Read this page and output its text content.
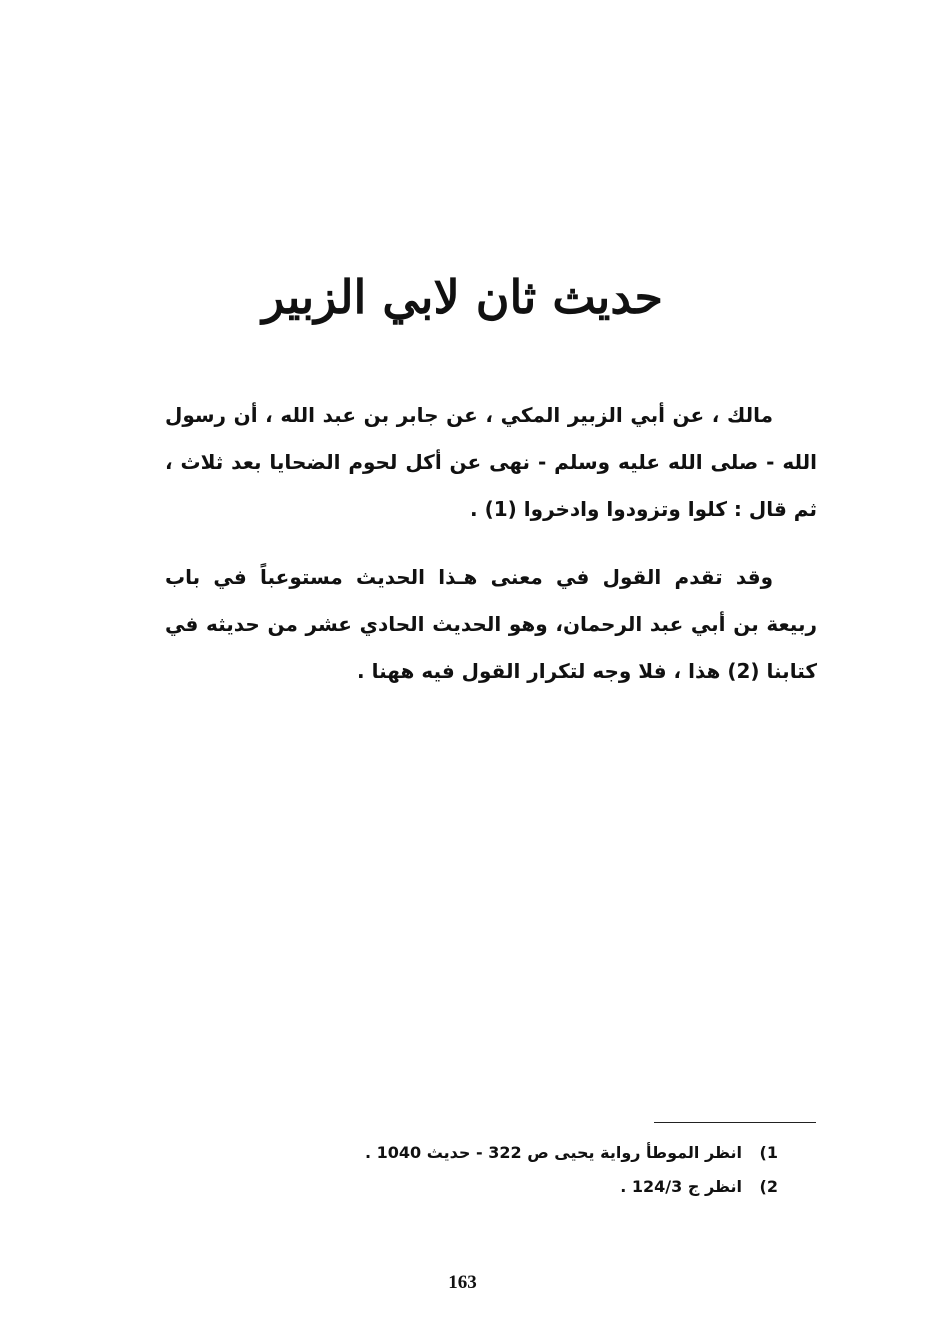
حديث ثان لابي الزبير

مالك ، عن أبي الزبير المكي ، عن جابر بن عبد الله ، أن رسول الله - صلى الله عليه وسلم - نهى عن أكل لحوم الضحايا بعد ثلاث ، ثم قال : كلوا وتزودوا وادخروا (1) .

وقد تقدم القول في معنى هـذا الحديث مستوعباً في باب ربيعة بن أبي عبد الرحمان، وهو الحديث الحادي عشر من حديثه في كتابنا (2) هذا ، فلا وجه لتكرار القول فيه ههنا .

1) انظر الموطأ رواية يحيى ص 322 - حديث 1040 .
2) انظر ج 124/3 .
163
